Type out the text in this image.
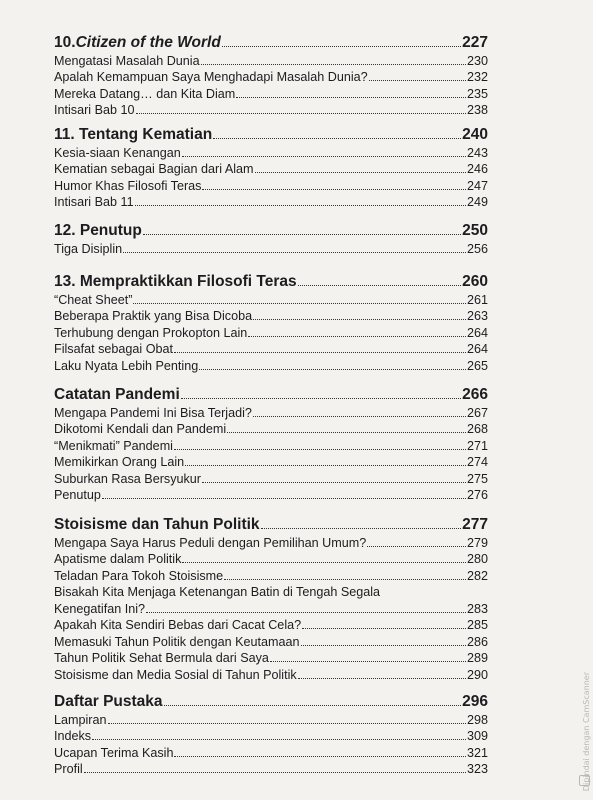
10. Citizen of the World	227
Mengatasi Masalah Dunia	230
Apalah Kemampuan Saya Menghadapi Masalah Dunia?	232
Mereka Datang… dan Kita Diam	235
Intisari Bab 10	238
11. Tentang Kematian	240
Kesia-siaan Kenangan	243
Kematian sebagai Bagian dari Alam	246
Humor Khas Filosofi Teras	247
Intisari Bab 11	249
12. Penutup	250
Tiga Disiplin	256
13. Mempraktikkan Filosofi Teras	260
“Cheat Sheet”	261
Beberapa Praktik yang Bisa Dicoba	263
Terhubung dengan Prokopton Lain	264
Filsafat sebagai Obat	264
Laku Nyata Lebih Penting	265
Catatan Pandemi	266
Mengapa Pandemi Ini Bisa Terjadi?	267
Dikotomi Kendali dan Pandemi	268
“Menikmati” Pandemi	271
Memikirkan Orang Lain	274
Suburkan Rasa Bersyukur	275
Penutup	276
Stoisisme dan Tahun Politik	277
Mengapa Saya Harus Peduli dengan Pemilihan Umum?	279
Apatisme dalam Politik	280
Teladan Para Tokoh Stoisisme	282
Bisakah Kita Menjaga Ketenangan Batin di Tengah Segala
Kenegatifan Ini?	283
Apakah Kita Sendiri Bebas dari Cacat Cela?	285
Memasuki Tahun Politik dengan Keutamaan	286
Tahun Politik Sehat Bermula dari Saya	289
Stoisisme dan Media Sosial di Tahun Politik	290
Daftar Pustaka	296
Lampiran	298
Indeks	309
Ucapan Terima Kasih	321
Profil	323	Dipindai dengan CamScanner
